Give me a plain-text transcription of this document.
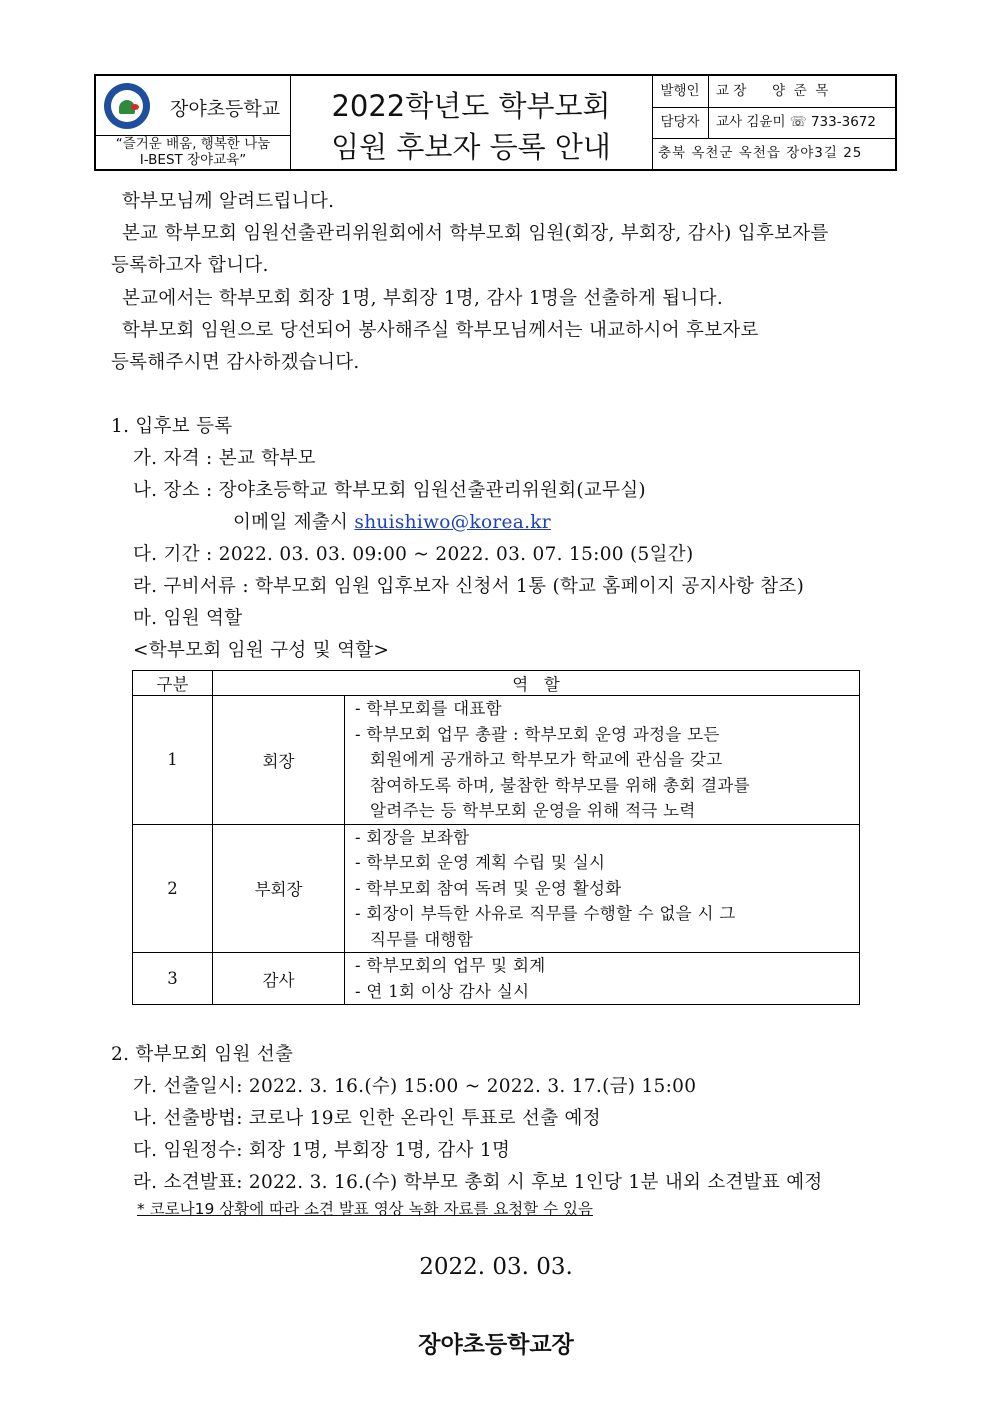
장야초등학교
“즐거운 배움, 행복한 나눔
I-BEST 장야교육”
2022학년도 학부모회
임원 후보자 등록 안내
발행인	교 장      양  준  목
담당자	교사 김윤미 ☏ 733-3672
충북 옥천군 옥천읍 장야3길 25
학부모님께 알려드립니다.
본교 학부모회 임원선출관리위원회에서 학부모회 임원(회장, 부회장, 감사) 입후보자를
등록하고자 합니다.
본교에서는 학부모회 회장 1명, 부회장 1명, 감사 1명을 선출하게 됩니다.
학부모회 임원으로 당선되어 봉사해주실 학부모님께서는 내교하시어 후보자로
등록해주시면 감사하겠습니다.
1. 입후보 등록
가. 자격 : 본교 학부모
나. 장소 : 장야초등학교 학부모회 임원선출관리위원회(교무실)
이메일 제출시 shuishiwo@korea.kr
다. 기간 : 2022. 03. 03. 09:00 ~ 2022. 03. 07. 15:00 (5일간)
라. 구비서류 : 학부모회 임원 입후보자 신청서 1통 (학교 홈페이지 공지사항 참조)
마. 임원 역할
<학부모회 임원 구성 및 역할>
구분	역   할	
1	회장	- 학부모회를 대표함
- 학부모회 업무 총괄 : 학부모회 운영 과정을 모든
회원에게 공개하고 학부모가 학교에 관심을 갖고
참여하도록 하며, 불참한 학부모를 위해 총회 결과를
알려주는 등 학부모회 운영을 위해 적극 노력

2	부회장	- 회장을 보좌함
- 학부모회 운영 계획 수립 및 실시
- 학부모회 참여 독려 및 운영 활성화
- 회장이 부득한 사유로 직무를 수행할 수 없을 시 그
직무를 대행함

3	감사	- 학부모회의 업무 및 회계
- 연 1회 이상 감사 실시
2. 학부모회 임원 선출
가. 선출일시: 2022. 3. 16.(수) 15:00 ~ 2022. 3. 17.(금) 15:00
나. 선출방법: 코로나 19로 인한 온라인 투표로 선출 예정
다. 임원정수: 회장 1명, 부회장 1명, 감사 1명
라. 소견발표: 2022. 3. 16.(수) 학부모 총회 시 후보 1인당 1분 내외 소견발표 예정
* 코로나19 상황에 따라 소견 발표 영상 녹화 자료를 요청할 수 있음
2022. 03. 03.
장야초등학교장
